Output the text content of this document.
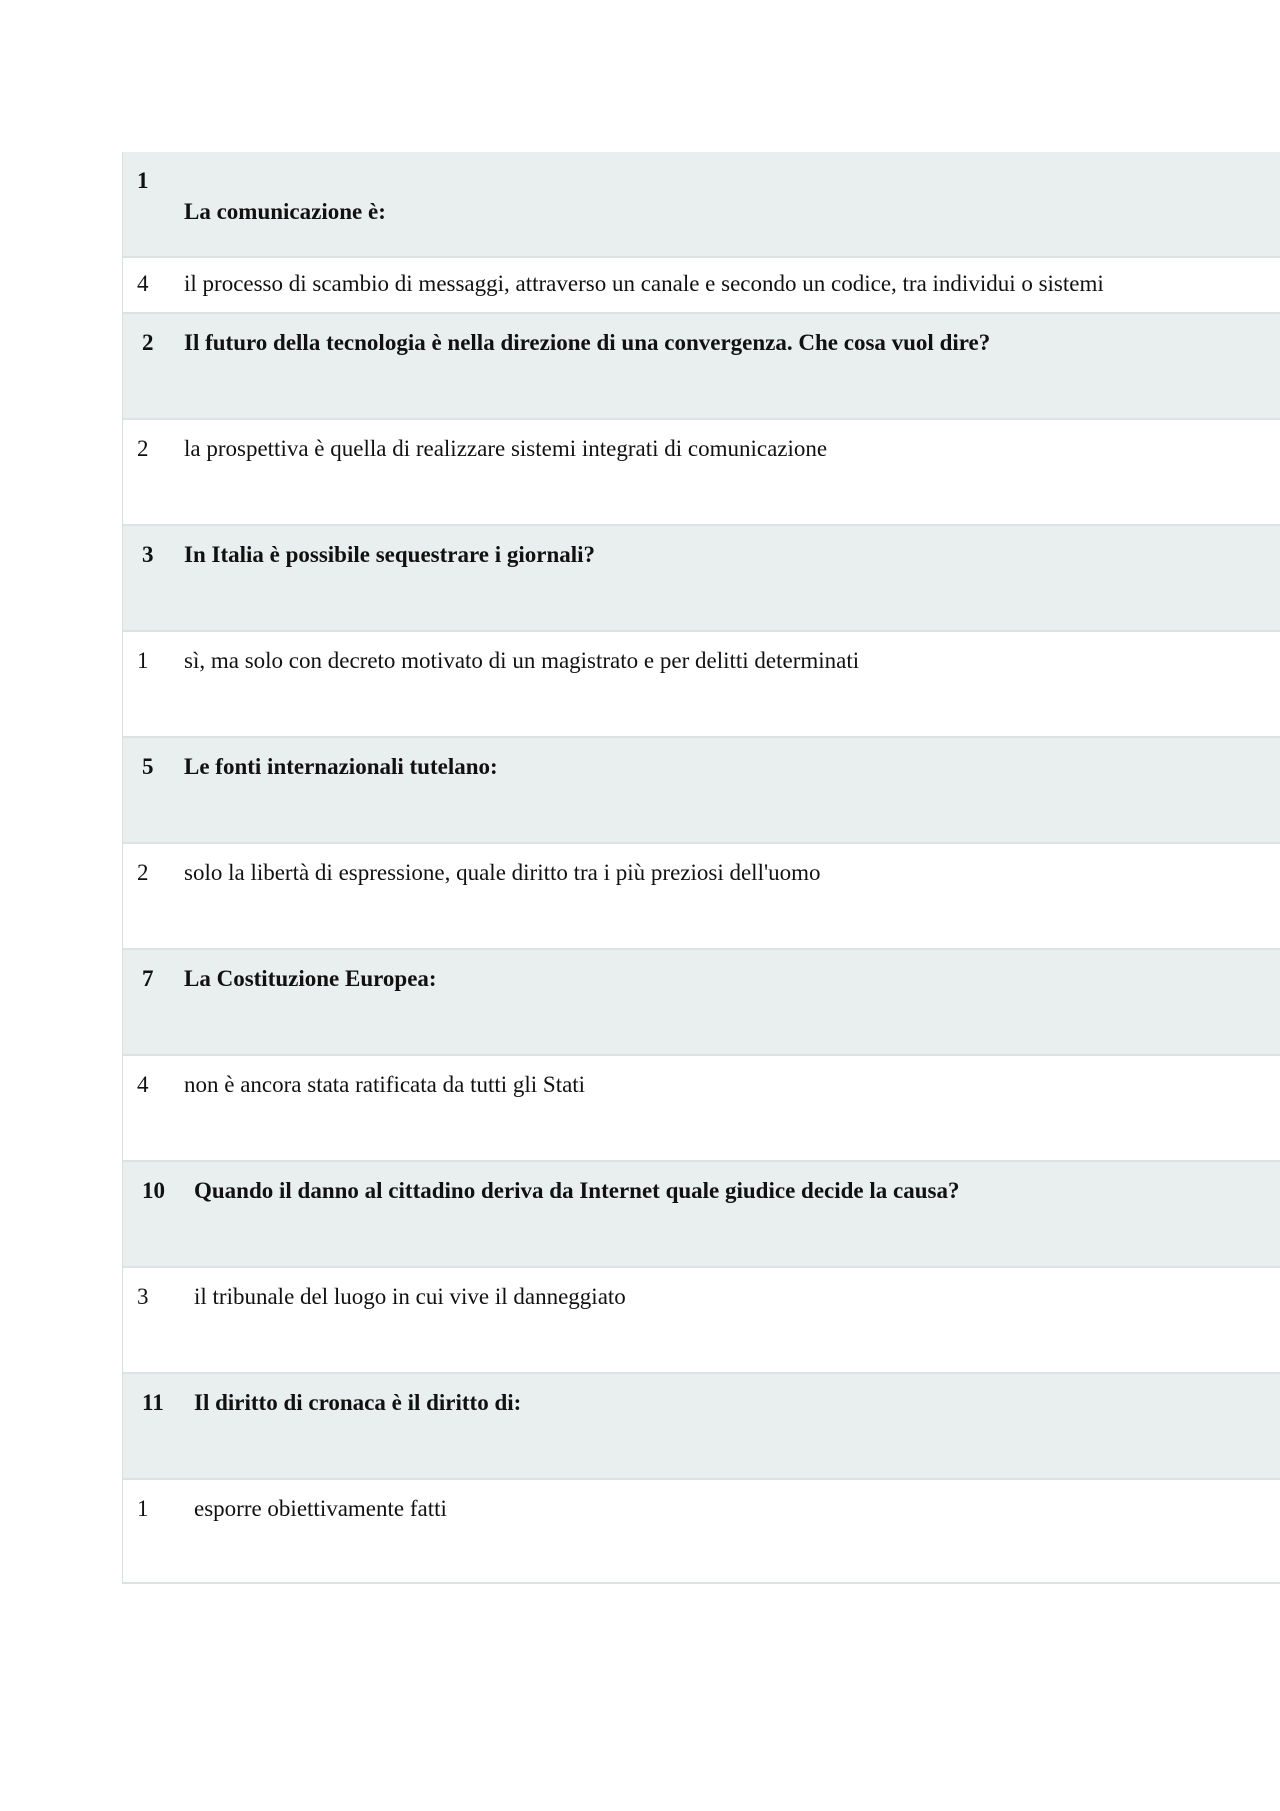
1
La comunicazione è:
4 il processo di scambio di messaggi, attraverso un canale e secondo un codice, tra individui o sistemi
2 Il futuro della tecnologia è nella direzione di una convergenza. Che cosa vuol dire?
2 la prospettiva è quella di realizzare sistemi integrati di comunicazione
3 In Italia è possibile sequestrare i giornali?
1 sì, ma solo con decreto motivato di un magistrato e per delitti determinati
5 Le fonti internazionali tutelano:
2 solo la libertà di espressione, quale diritto tra i più preziosi dell'uomo
7 La Costituzione Europea:
4 non è ancora stata ratificata da tutti gli Stati
10 Quando il danno al cittadino deriva da Internet quale giudice decide la causa?
3 il tribunale del luogo in cui vive il danneggiato
11 Il diritto di cronaca è il diritto di:
1 esporre obiettivamente fatti
